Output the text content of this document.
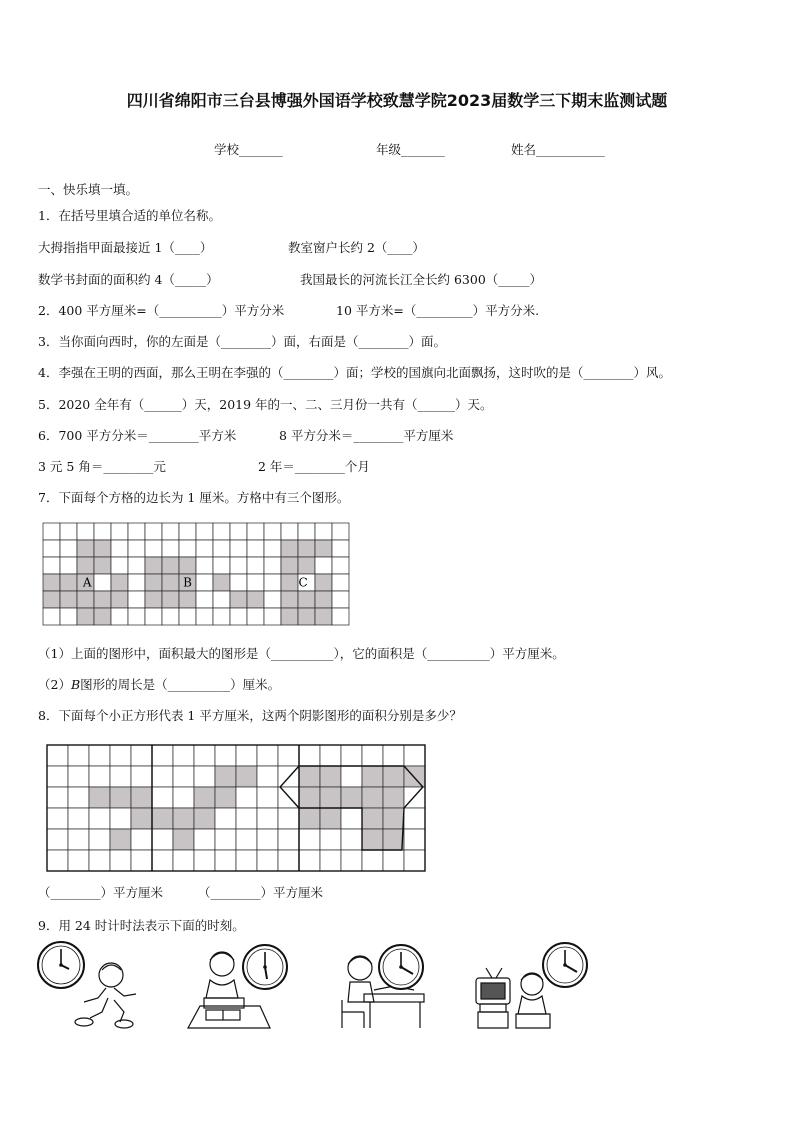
四川省绵阳市三台县博强外国语学校致慧学院2023届数学三下期末监测试题
学校_______	年级_______	姓名___________
一、快乐填一填。
1．在括号里填合适的单位名称。
大拇指指甲面最接近 1（____）	教室窗户长约 2（____）
数学书封面的面积约 4（_____）	我国最长的河流长江全长约 6300（_____）
2．400 平方厘米=（__________）平方分米	10 平方米=（_________）平方分米.
3．当你面向西时，你的左面是（________）面，右面是（________）面。
4．李强在王明的西面，那么王明在李强的（________）面；学校的国旗向北面飘扬，这时吹的是（________）风。
5．2020 全年有（______）天，2019 年的一、二、三月份一共有（______）天。
6．700 平方分米＝________平方米	8 平方分米＝________平方厘米
3 元 5 角＝________元	2 年＝________个月
7．下面每个方格的边长为 1 厘米。方格中有三个图形。
A	B	C
（1）上面的图形中，面积最大的图形是（__________），它的面积是（__________）平方厘米。
（2）B图形的周长是（__________）厘米。
8．下面每个小正方形代表 1 平方厘米，这两个阴影图形的面积分别是多少？
（________）平方厘米	（________）平方厘米
9．用 24 时计时法表示下面的时刻。
